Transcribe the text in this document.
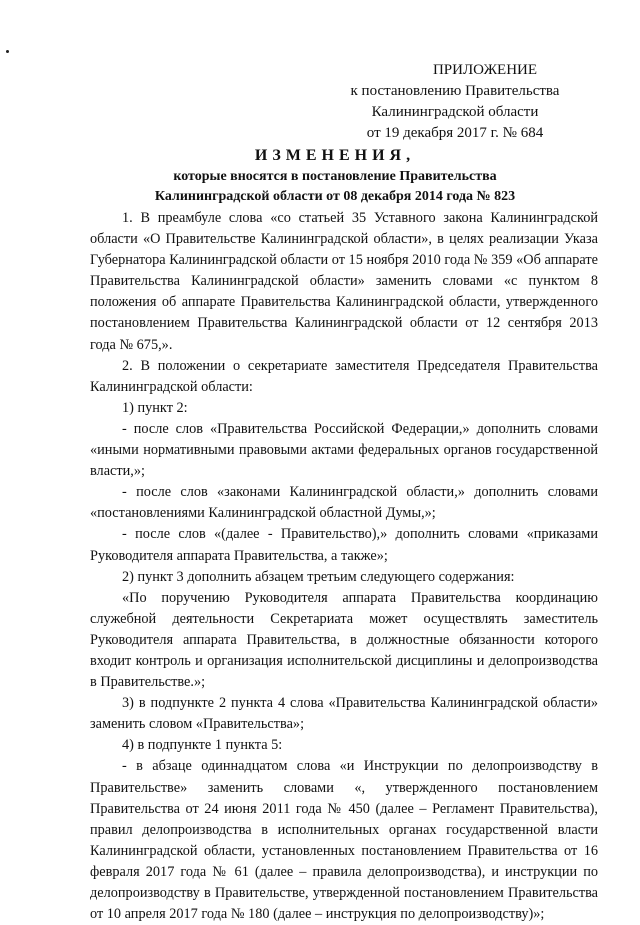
ПРИЛОЖЕНИЕ
к постановлению Правительства
Калининградской области
от 19 декабря 2017 г. № 684
ИЗМЕНЕНИЯ,
которые вносятся в постановление Правительства
Калининградской области от 08 декабря 2014 года № 823

1. В преамбуле слова «со статьей 35 Уставного закона Калининградской области «О Правительстве Калининградской области», в целях реализации Указа Губернатора Калининградской области от 15 ноября 2010 года № 359 «Об аппарате Правительства Калининградской области» заменить словами «с пунктом 8 положения об аппарате Правительства Калининградской области, утвержденного постановлением Правительства Калининградской области от 12 сентября 2013 года № 675,».

2. В положении о секретариате заместителя Председателя Правительства Калининградской области:

1) пункт 2:

- после слов «Правительства Российской Федерации,» дополнить словами «иными нормативными правовыми актами федеральных органов государственной власти,»;

- после слов «законами Калининградской области,» дополнить словами «постановлениями Калининградской областной Думы,»;

- после слов «(далее - Правительство),» дополнить словами «приказами Руководителя аппарата Правительства, а также»;

2) пункт 3 дополнить абзацем третьим следующего содержания:

«По поручению Руководителя аппарата Правительства координацию служебной деятельности Секретариата может осуществлять заместитель Руководителя аппарата Правительства, в должностные обязанности которого входит контроль и организация исполнительской дисциплины и делопроизводства в Правительстве.»;

3) в подпункте 2 пункта 4 слова «Правительства Калининградской области» заменить словом «Правительства»;

4) в подпункте 1 пункта 5:

- в абзаце одиннадцатом слова «и Инструкции по делопроизводству в Правительстве» заменить словами «, утвержденного постановлением Правительства от 24 июня 2011 года № 450 (далее – Регламент Правительства), правил делопроизводства в исполнительных органах государственной власти Калининградской области, установленных постановлением Правительства от 16 февраля 2017 года № 61 (далее – правила делопроизводства), и инструкции по делопроизводству в Правительстве, утвержденной постановлением Правительства от 10 апреля 2017 года № 180 (далее – инструкция по делопроизводству)»;
